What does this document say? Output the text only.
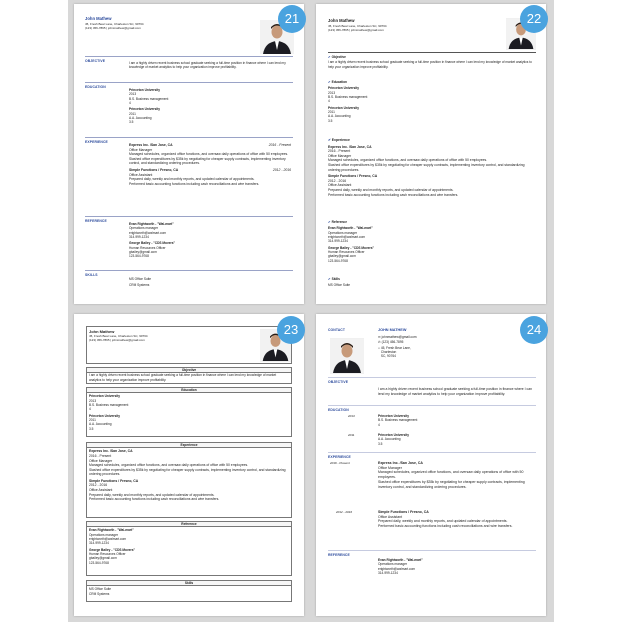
John Mathew
45, Fresh Bear Lane, Charleston SC, 90764
(123) 456-7895 | johnmathew@gmail.com
OBJECTIVE	I am a highly driven recent business school graduate seeking a full-time position in finance where I can lend my knowledge of market analytics to help your organization improve profitability.
EDUCATION
Princeton University
2013
B.S. Business management
4
Princeton University
2011
A.A. Accounting
3.5
EXPERIENCE
Express Inc. /San Jose, CA	2016 - Present
Office Manager
Managed schedules, organized office functions, and oversaw daily operations of office with 50 employees.
Slashed office expenditures by $35k by negotiating for cheaper supply contracts, implementing inventory control, and standardizing ordering procedures.
Simple Functions / Fresno, CA	2012 - 2016
Office Assistant
Prepared daily, weekly and monthly reports, and updated calendar of appointments.
Performed basic accounting functions including cash reconciliations and wire transfers.
REFERENCE
Evan Rightworth - "Wal-mart"
Operations manager
erightworth@walmart.com
314-999-1234
George Bailey - "CDS Movers"
Human Resources Officer
gbailey@gmail.com
123-564-9768
SKILLS
MS Office Suite
CRM Systems
21	John Mathew
45, Fresh Bear Lane, Charleston SC, 90764
(123) 456-7895 | johnmathew@gmail.com
✔ Objective
I am a highly driven recent business school graduate seeking a full-time position in finance where I can lend my knowledge of market analytics to help your organization improve profitability.
✔ Education
Princeton University
2013
B.S. Business management
4
Princeton University
2011
A.A. Accounting
3.5
✔ Experience
Express Inc. /San Jose, CA
2016 - Present
Office Manager
Managed schedules, organized office functions, and oversaw daily operations of office with 50 employees.
Slashed office expenditures by $35k by negotiating for cheaper supply contracts, implementing inventory control, and standardizing ordering procedures.
Simple Functions / Fresno, CA
2012 - 2016
Office Assistant
Prepared daily, weekly and monthly reports, and updated calendar of appointments.
Performed basic accounting functions including cash reconciliations and wire transfers.
✔ Reference
Evan Rightworth - "Wal-mart"
Operations manager
erightworth@walmart.com
314-999-1234
George Bailey - "CDS Movers"
Human Resources Officer
gbailey@gmail.com
123-564-9768
✔ Skills
MS Office Suite
22
John Mathew
45, Fresh Bear Lane, Charleston SC, 90764
(123) 456-7895 | johnmathew@gmail.com
Objective
I am a highly driven recent business school graduate seeking a full-time position in finance where I can lend my knowledge of market analytics to help your organization improve profitability.
Education
Princeton University
2013
B.S. Business management
4
Princeton University
2011
A.A. Accounting
3.5
Experience
Express Inc. /San Jose, CA
2016 - Present
Office Manager
Managed schedules, organized office functions, and oversaw daily operations of office with 50 employees.
Slashed office expenditures by $35k by negotiating for cheaper supply contracts, implementing inventory control, and standardizing ordering procedures.
Simple Functions / Fresno, CA
2012 - 2016
Office Assistant
Prepared daily, weekly and monthly reports, and updated calendar of appointments.
Performed basic accounting functions including cash reconciliations and wire transfers.
Reference
Evan Rightworth - "Wal-mart"
Operations manager
erightworth@walmart.com
314-999-1234
George Bailey - "CDS Movers"
Human Resources Officer
gbailey@gmail.com
123-564-9768
Skills
MS Office Suite
CRM Systems
23	CONTACT	JOHN MATHEW
✉ johnmathew@gmail.com
✆ (123) 456-7895
⌂
45, Fresh Bear Lane,
Charleston
SC, 90764
OBJECTIVE
I am a highly driven recent business school graduate seeking a full-time position in finance where I can lend my knowledge of market analytics to help your organization improve profitability.
EDUCATION
2013	Princeton University
B.S. Business management
4
2011	Princeton University
A.A. Accounting
3.5
EXPERIENCE
2016 - Present	Express Inc. /San Jose, CA
Office Manager
Managed schedules, organized office functions, and oversaw daily operations of office with 50 employees.
Slashed office expenditures by $35k by negotiating for cheaper supply contracts, implementing inventory control, and standardizing ordering procedures.
2012 - 2016	Simple Functions / Fresno, CA
Office Assistant
Prepared daily, weekly and monthly reports, and updated calendar of appointments.
Performed basic accounting functions including cash reconciliations and wire transfers.
REFERENCE
Evan Rightworth - "Wal-mart"
Operations manager
erightworth@walmart.com
314-999-1234
24
